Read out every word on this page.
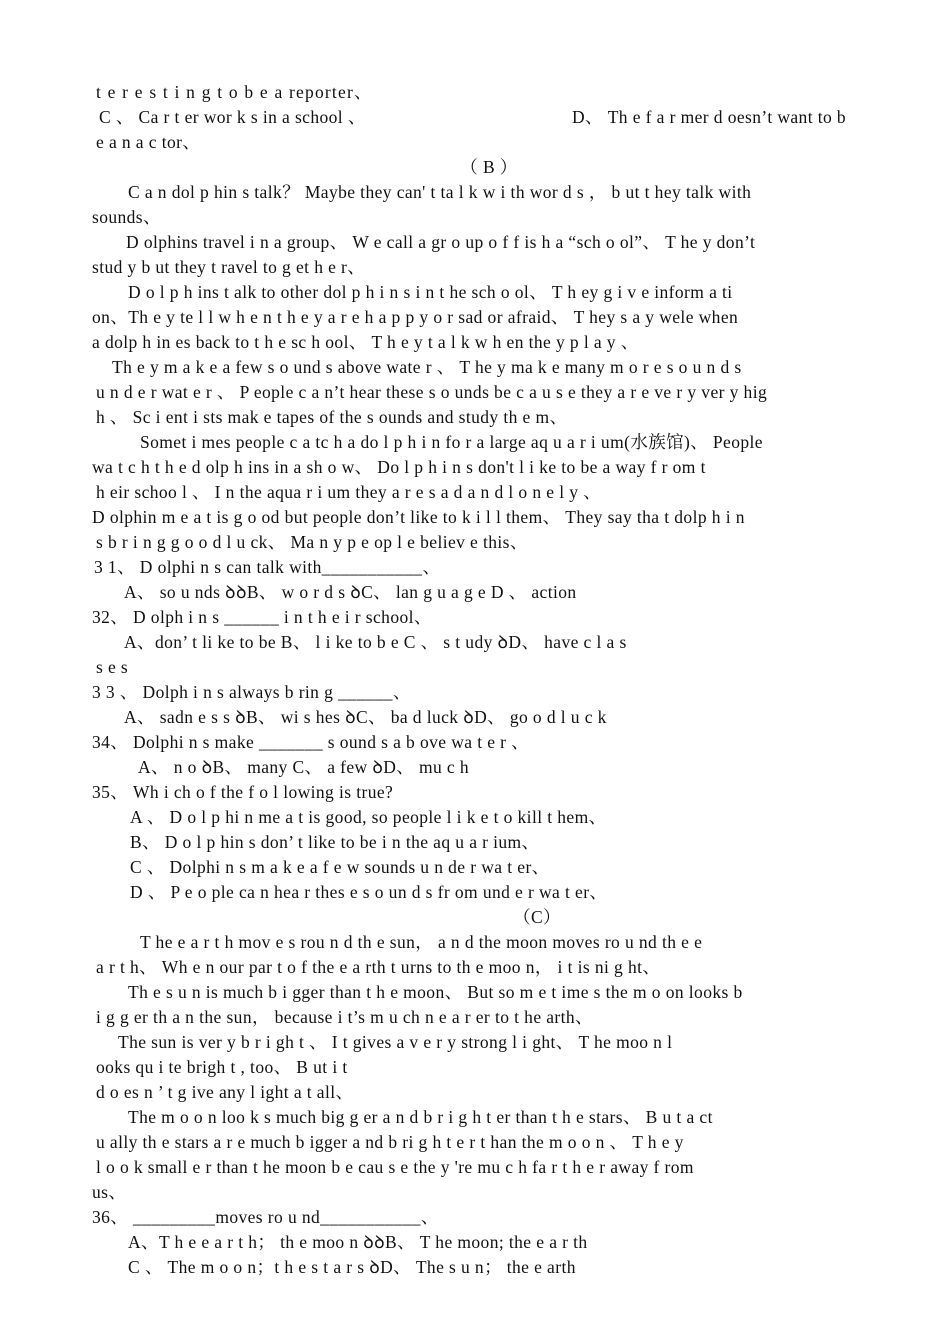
t e r e s t i n g t o b e a reporter、
C 、 Ca r t er wor k s in a school 、	D、 Th e f a r mer d oesn’t want to b
e a n a c tor、
（ B ）
C a n dol p hin s talk？ Maybe they can' t ta l k w i th wor d s ， b ut t hey talk with
sounds、
D olphins travel i n a group、 W e call a gr o up o f f is h a “sch o ol”、 T he y don’t
stud y b ut they t ravel to g et h e r、
D o l p h ins t alk to other dol p h i n s i n t he sch o ol、 T h ey g i v e inform a ti
on、Th e y te l l w h e n t h e y a r e h a p p y o r sad or afraid、 T hey s a y wele when
a dolp h in es back to t h e sc h ool、 T h e y t a l k w h en the y p l a y 、
Th e y m a k e a few s o und s above wate r 、 T he y ma k e many m o r e s o u n d s
u n d e r wat e r 、 P eople c a n’t hear these s o unds be c a u s e they a r e ve r y ver y hig
h 、 Sc i ent i sts mak e tapes of the s ounds and study th e m、
Somet i mes people c a tc h a do l p h i n fo r a large aq u a r i um(水族馆)、 People
wa t c h t h e d olp h ins in a sh o w、 Do l p h i n s don't l i ke to be a way f r om t
h eir schoo l 、 I n the aqua r i um they a r e s a d a n d l o n e l y 、
D olphin m e a t is g o od but people don’t like to k i l l them、 They say tha t dolp h i n
s b r i n g g o o d l u ck、 Ma n y p e op l e believ e this、
3 1、 D olphi n s can talk with___________、
A、 so u nds ꝺꝺB、 w o r d s ꝺC、 lan g u a g e D 、 action
32、 D olph i n s ______ i n t h e i r school、
A、don’ t li ke to be B、 l i ke to b e C 、 s t udy ꝺD、 have c l a s
s e s
3 3 、 Dolph i n s always b rin g ______、
A、 sadn e s s ꝺB、 wi s hes ꝺC、 ba d luck ꝺD、 go o d l u c k
34、 Dolphi n s make _______ s ound s a b ove wa t e r 、
A、 n o ꝺB、 many C、 a few ꝺD、 mu c h
35、 Wh i ch o f the f o l lowing is true?
A 、 D o l p hi n me a t is good, so people l i k e t o kill t hem、
B、 D o l p hin s don’ t like to be i n the aq u a r ium、
C 、 Dolphi n s m a k e a f e w sounds u n de r wa t er、
D 、 P e o ple ca n hea r thes e s o un d s fr om und e r wa t er、
（C）
T he e a r t h mov e s rou n d th e sun， a n d the moon moves ro u nd th e e
a r t h、 Wh e n our par t o f the e a rth t urns to th e moo n， i t is ni g ht、
Th e s u n is much b i gger than t h e moon、 But so m e t ime s the m o on looks b
i g g er th a n the sun， because i t’s m u ch n e a r er to t he arth、
The sun is ver y b r i gh t 、 I t gives a v e r y strong l i ght、 T he moo n l
ooks qu i te brigh t , too、 B ut i t
d o es n ’ t g ive any l ight a t all、
The m o o n loo k s much big g er a n d b r i g h t er than t h e stars、 B u t a ct
u ally th e stars a r e much b igger a nd b ri g h t e r t han the m o o n 、 T h e y
l o o k small e r than t he moon b e cau s e the y 're mu c h fa r t h e r away f rom
us、
36、 _________moves ro u nd___________、
A、T h e e a r t h； th e moo n ꝺꝺB、 T he moon; the e a r th
C 、 The m o o n；t h e s t a r s ꝺD、 The s u n； the e arth
